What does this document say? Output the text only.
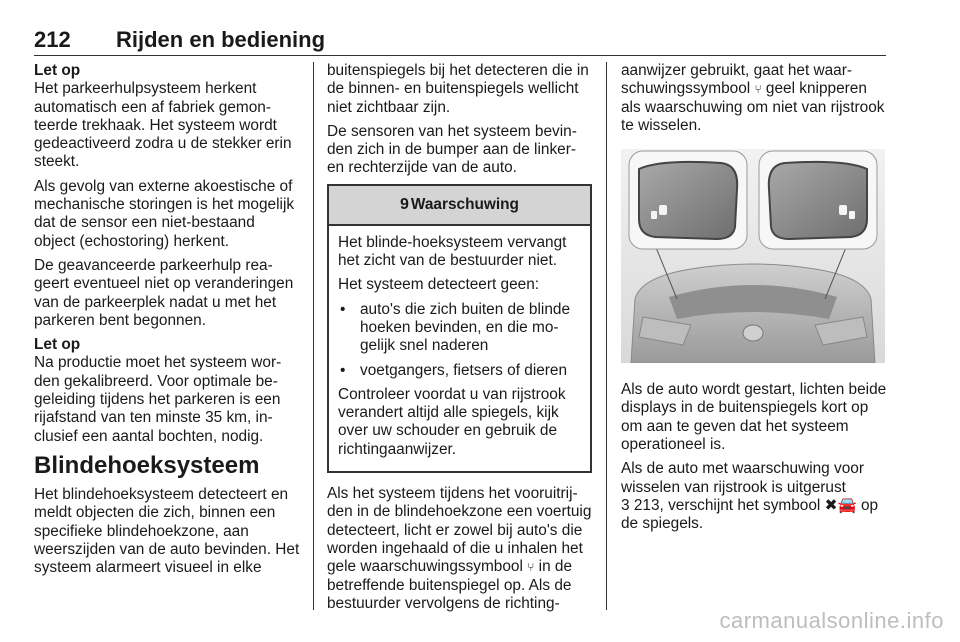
212 Rijden en bediening

Let op

Het parkeerhulpsysteem herkent automatisch een af fabriek gemonteerde trekhaak. Het systeem wordt gedeactiveerd zodra u de stekker erin steekt.

Als gevolg van externe akoestische of mechanische storingen is het mogelijk dat de sensor een niet-bestaand object (echostoring) herkent.

De geavanceerde parkeerhulp reageert eventueel niet op veranderingen van de parkeerplek nadat u met het parkeren bent begonnen.

Let op

Na productie moet het systeem worden gekalibreerd. Voor optimale begeleiding tijdens het parkeren is een rijafstand van ten minste 35 km, inclusief een aantal bochten, nodig.

Blindehoeksysteem

Het blindehoeksysteem detecteert en meldt objecten die zich, binnen een specifieke blindehoekzone, aan weerszijden van de auto bevinden. Het systeem alarmeert visueel in elke

buitenspiegels bij het detecteren die in de binnen- en buitenspiegels wellicht niet zichtbaar zijn.

De sensoren van het systeem bevinden zich in de bumper aan de linker- en rechterzijde van de auto.

9 Waarschuwing

Het blinde-hoeksysteem vervangt het zicht van de bestuurder niet.

Het systeem detecteert geen:

• auto's die zich buiten de blinde hoeken bevinden, en die mogelijk snel naderen
• voetgangers, fietsers of dieren

Controleer voordat u van rijstrook verandert altijd alle spiegels, kijk over uw schouder en gebruik de richtingaanwijzer.

Als het systeem tijdens het vooruitrijden in de blindehoekzone een voertuig detecteert, licht er zowel bij auto's die worden ingehaald of die u inhalen het gele waarschuwingssymbool ⑂ in de betreffende buitenspiegel op. Als de bestuurder vervolgens de richting-

aanwijzer gebruikt, gaat het waarschuwingssymbool ⑂ geel knipperen als waarschuwing om niet van rijstrook te wisselen.

Als de auto wordt gestart, lichten beide displays in de buitenspiegels kort op om aan te geven dat het systeem operationeel is.

Als de auto met waarschuwing voor wisselen van rijstrook is uitgerust
3 213, verschijnt het symbool ✖🚘 op de spiegels.

carmanualsonline.info
